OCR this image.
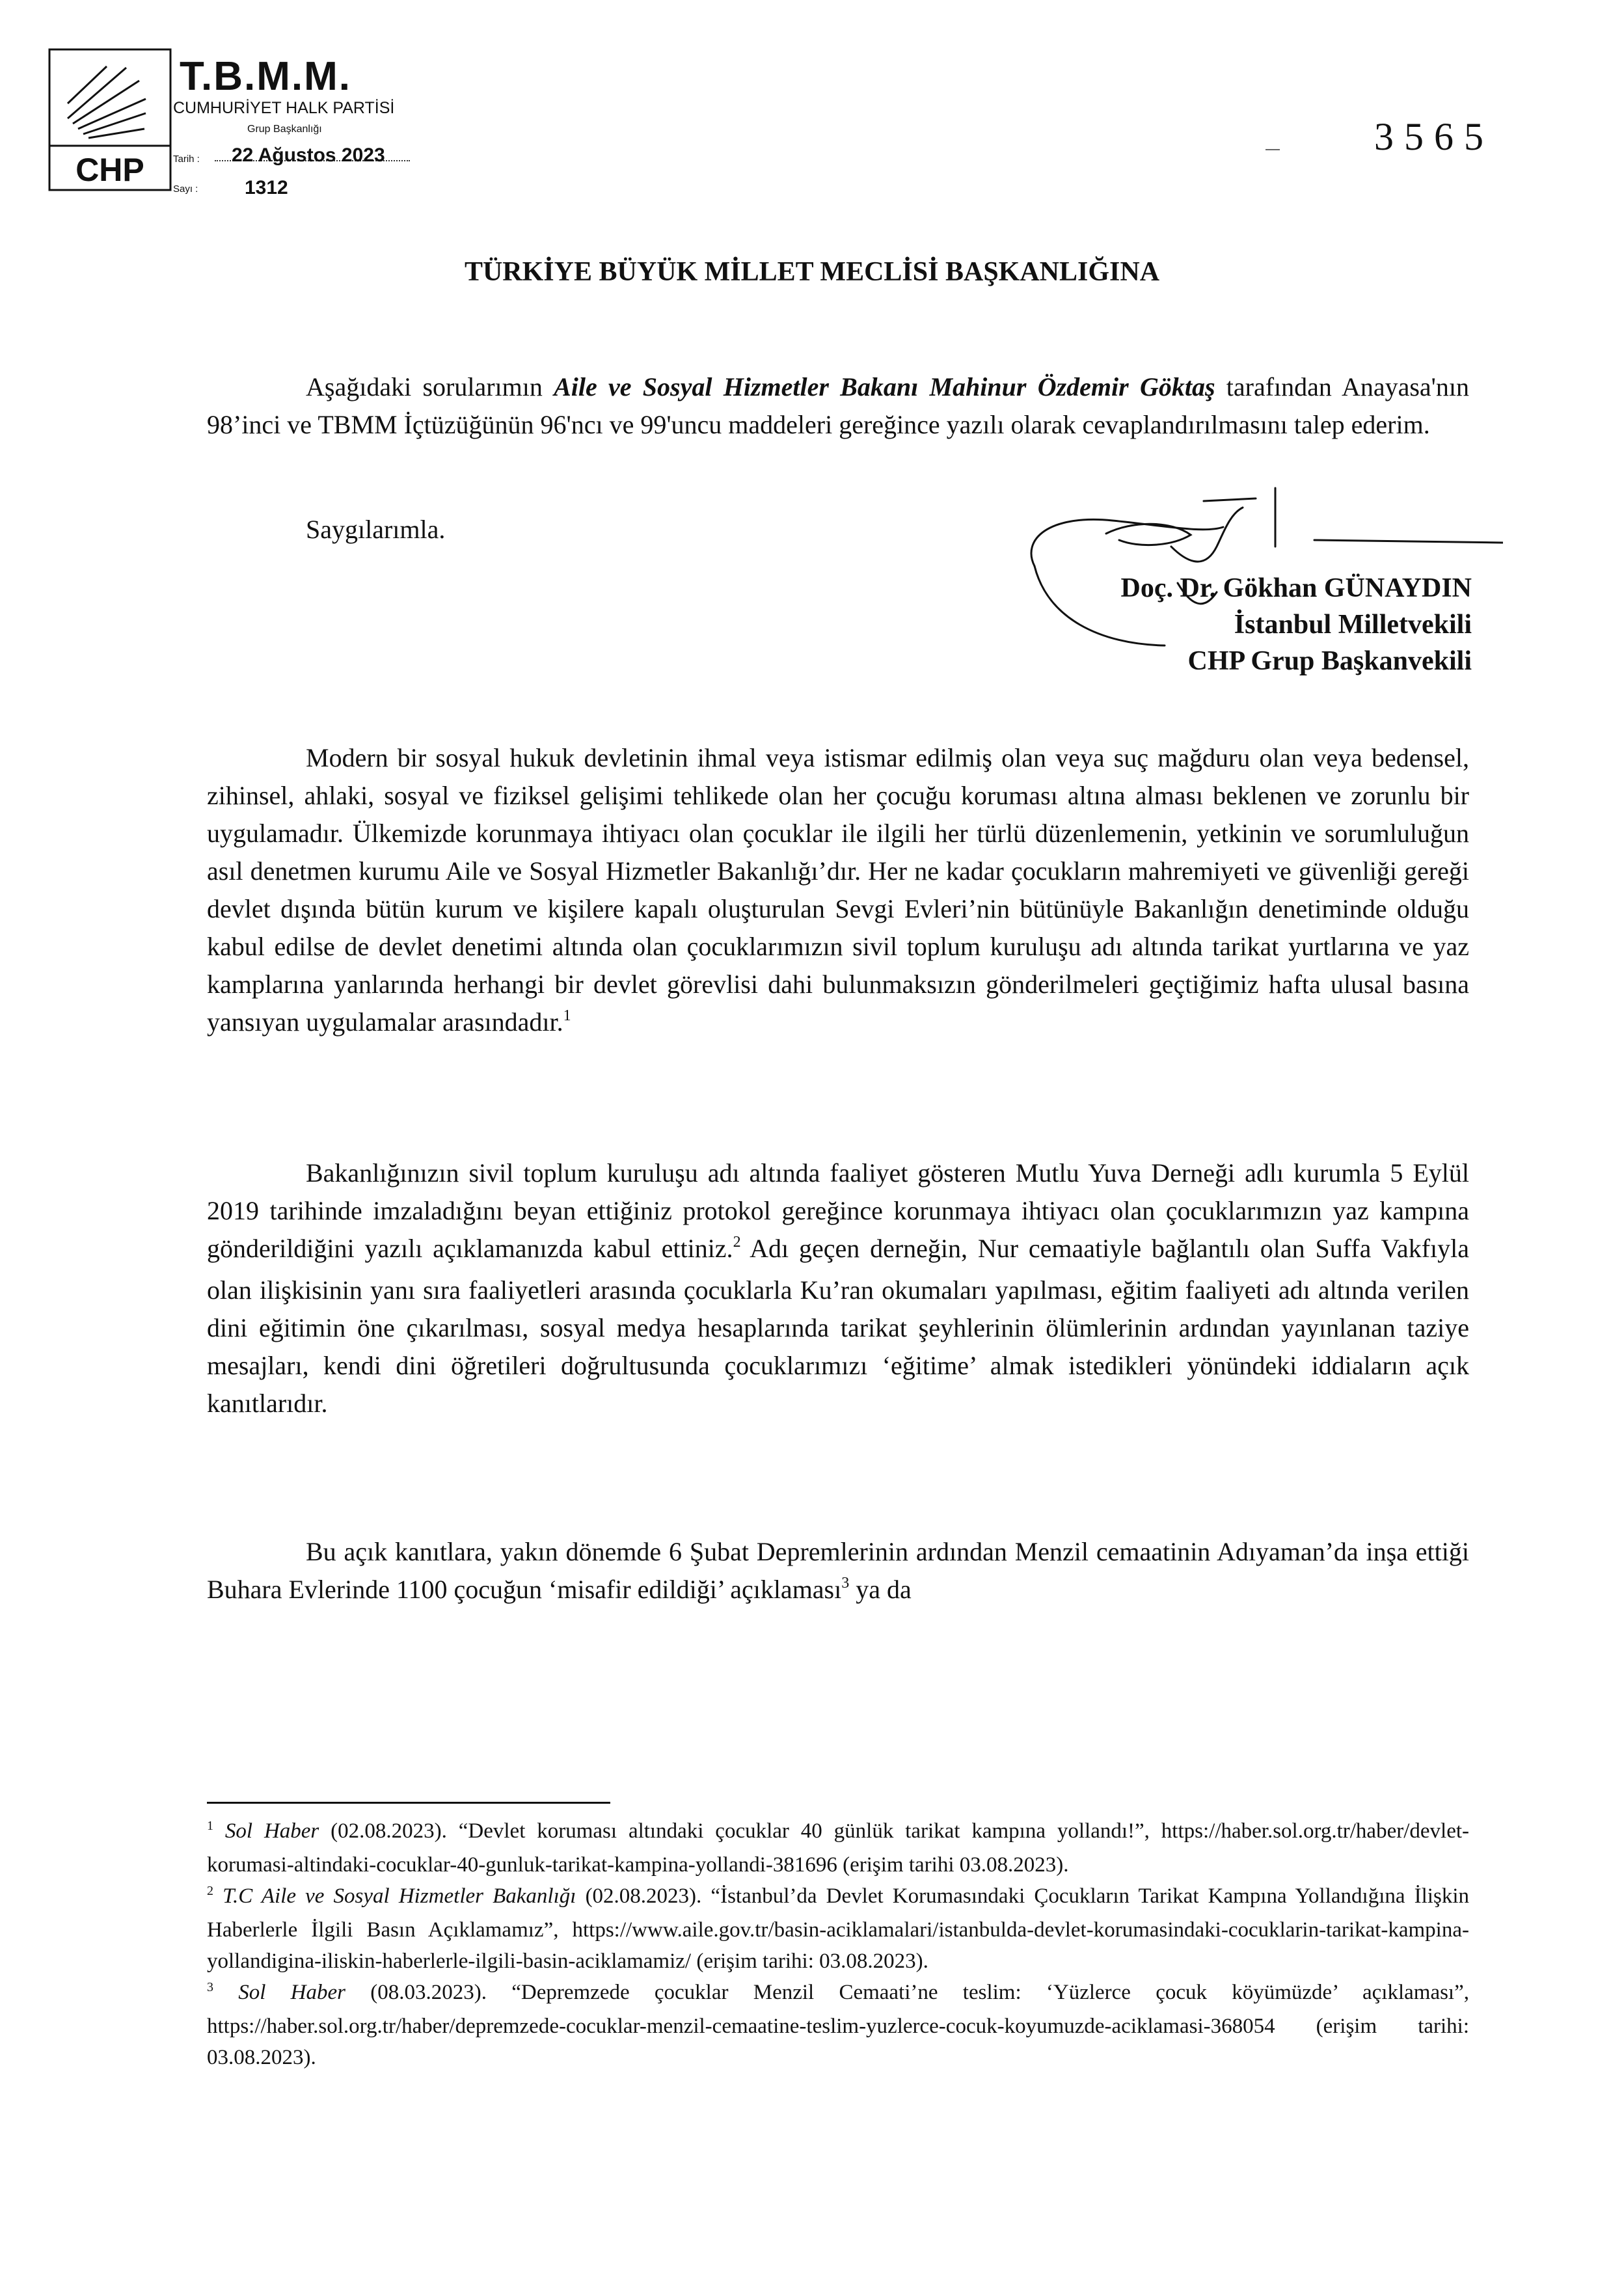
CHP
T.B.M.M.
CUMHURİYET HALK PARTİSİ
Grup Başkanlığı
Tarih : 22 Ağustos 2023
Sayı : 1312
3565
TÜRKİYE BÜYÜK MİLLET MECLİSİ BAŞKANLIĞINA

Aşağıdaki sorularımın Aile ve Sosyal Hizmetler Bakanı Mahinur Özdemir Göktaş tarafından Anayasa'nın 98’inci ve TBMM İçtüzüğünün 96'ncı ve 99'uncu maddeleri gereğince yazılı olarak cevaplandırılmasını talep ederim.

Saygılarımla.
Doç. Dr. Gökhan GÜNAYDIN
İstanbul Milletvekili
CHP Grup Başkanvekili

Modern bir sosyal hukuk devletinin ihmal veya istismar edilmiş olan veya suç mağduru olan veya bedensel, zihinsel, ahlaki, sosyal ve fiziksel gelişimi tehlikede olan her çocuğu koruması altına alması beklenen ve zorunlu bir uygulamadır. Ülkemizde korunmaya ihtiyacı olan çocuklar ile ilgili her türlü düzenlemenin, yetkinin ve sorumluluğun asıl denetmen kurumu Aile ve Sosyal Hizmetler Bakanlığı’dır. Her ne kadar çocukların mahremiyeti ve güvenliği gereği devlet dışında bütün kurum ve kişilere kapalı oluşturulan Sevgi Evleri’nin bütünüyle Bakanlığın denetiminde olduğu kabul edilse de devlet denetimi altında olan çocuklarımızın sivil toplum kuruluşu adı altında tarikat yurtlarına ve yaz kamplarına yanlarında herhangi bir devlet görevlisi dahi bulunmaksızın gönderilmeleri geçtiğimiz hafta ulusal basına yansıyan uygulamalar arasındadır.$^1$

Bakanlığınızın sivil toplum kuruluşu adı altında faaliyet gösteren Mutlu Yuva Derneği adlı kurumla 5 Eylül 2019 tarihinde imzaladığını beyan ettiğiniz protokol gereğince korunmaya ihtiyacı olan çocuklarımızın yaz kampına gönderildiğini yazılı açıklamanızda kabul ettiniz.$^2$ Adı geçen derneğin, Nur cemaatiyle bağlantılı olan Suffa Vakfıyla olan ilişkisinin yanı sıra faaliyetleri arasında çocuklarla Ku’ran okumaları yapılması, eğitim faaliyeti adı altında verilen dini eğitimin öne çıkarılması, sosyal medya hesaplarında tarikat şeyhlerinin ölümlerinin ardından yayınlanan taziye mesajları, kendi dini öğretileri doğrultusunda çocuklarımızı ‘eğitime’ almak istedikleri yönündeki iddiaların açık kanıtlarıdır.

Bu açık kanıtlara, yakın dönemde 6 Şubat Depremlerinin ardından Menzil cemaatinin Adıyaman’da inşa ettiği Buhara Evlerinde 1100 çocuğun ‘misafir edildiği’ açıklaması$^3$ ya da

$^1$ Sol Haber (02.08.2023). “Devlet koruması altındaki çocuklar 40 günlük tarikat kampına yollandı!”, https://haber.sol.org.tr/haber/devlet-korumasi-altindaki-cocuklar-40-gunluk-tarikat-kampina-yollandi-381696 (erişim tarihi 03.08.2023).

$^2$ T.C Aile ve Sosyal Hizmetler Bakanlığı (02.08.2023). “İstanbul’da Devlet Korumasındaki Çocukların Tarikat Kampına Yollandığına İlişkin Haberlerle İlgili Basın Açıklamamız”, https://www.aile.gov.tr/basin-aciklamalari/istanbulda-devlet-korumasindaki-cocuklarin-tarikat-kampina-yollandigina-iliskin-haberlerle-ilgili-basin-aciklamamiz/ (erişim tarihi: 03.08.2023).

$^3$ Sol Haber (08.03.2023). “Depremzede çocuklar Menzil Cemaati’ne teslim: ‘Yüzlerce çocuk köyümüzde’ açıklaması”, https://haber.sol.org.tr/haber/depremzede-cocuklar-menzil-cemaatine-teslim-yuzlerce-cocuk-koyumuzde-aciklamasi-368054 (erişim tarihi: 03.08.2023).
